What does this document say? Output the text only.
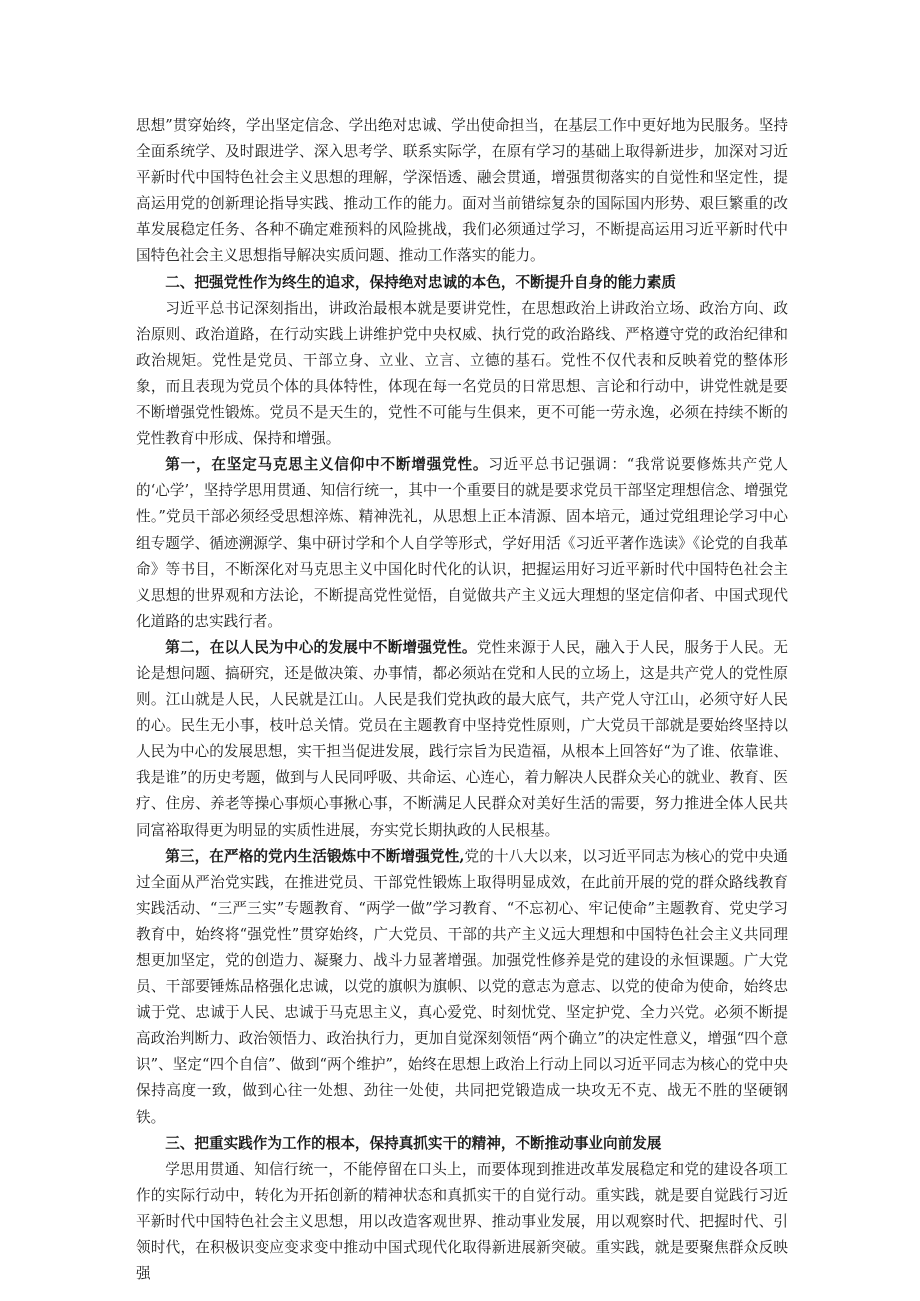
思想”贯穿始终，学出坚定信念、学出绝对忠诚、学出使命担当，在基层工作中更好地为民服务。坚持全面系统学、及时跟进学、深入思考学、联系实际学，在原有学习的基础上取得新进步，加深对习近平新时代中国特色社会主义思想的理解，学深悟透、融会贯通，增强贯彻落实的自觉性和坚定性，提高运用党的创新理论指导实践、推动工作的能力。面对当前错综复杂的国际国内形势、艰巨繁重的改革发展稳定任务、各种不确定难预料的风险挑战，我们必须通过学习，不断提高运用习近平新时代中国特色社会主义思想指导解决实质问题、推动工作落实的能力。

二、把强党性作为终生的追求，保持绝对忠诚的本色，不断提升自身的能力素质

习近平总书记深刻指出，讲政治最根本就是要讲党性，在思想政治上讲政治立场、政治方向、政治原则、政治道路，在行动实践上讲维护党中央权威、执行党的政治路线、严格遵守党的政治纪律和政治规矩。党性是党员、干部立身、立业、立言、立德的基石。党性不仅代表和反映着党的整体形象，而且表现为党员个体的具体特性，体现在每一名党员的日常思想、言论和行动中，讲党性就是要不断增强党性锻炼。党员不是天生的，党性不可能与生俱来，更不可能一劳永逸，必须在持续不断的党性教育中形成、保持和增强。

第一，在坚定马克思主义信仰中不断增强党性。习近平总书记强调：“我常说要修炼共产党人的‘心学’，坚持学思用贯通、知信行统一，其中一个重要目的就是要求党员干部坚定理想信念、增强党性。”党员干部必须经受思想淬炼、精神洗礼，从思想上正本清源、固本培元，通过党组理论学习中心组专题学、循迹溯源学、集中研讨学和个人自学等形式，学好用活《习近平著作选读》《论党的自我革命》等书目，不断深化对马克思主义中国化时代化的认识，把握运用好习近平新时代中国特色社会主义思想的世界观和方法论，不断提高党性觉悟，自觉做共产主义远大理想的坚定信仰者、中国式现代化道路的忠实践行者。

第二，在以人民为中心的发展中不断增强党性。党性来源于人民，融入于人民，服务于人民。无论是想问题、搞研究，还是做决策、办事情，都必须站在党和人民的立场上，这是共产党人的党性原则。江山就是人民，人民就是江山。人民是我们党执政的最大底气，共产党人守江山，必须守好人民的心。民生无小事，枝叶总关情。党员在主题教育中坚持党性原则，广大党员干部就是要始终坚持以人民为中心的发展思想，实干担当促进发展，践行宗旨为民造福，从根本上回答好“为了谁、依靠谁、我是谁”的历史考题，做到与人民同呼吸、共命运、心连心，着力解决人民群众关心的就业、教育、医疗、住房、养老等操心事烦心事揪心事，不断满足人民群众对美好生活的需要，努力推进全体人民共同富裕取得更为明显的实质性进展，夯实党长期执政的人民根基。

第三，在严格的党内生活锻炼中不断增强党性,党的十八大以来，以习近平同志为核心的党中央通过全面从严治党实践，在推进党员、干部党性锻炼上取得明显成效，在此前开展的党的群众路线教育实践活动、“三严三实”专题教育、“两学一做”学习教育、“不忘初心、牢记使命”主题教育、党史学习教育中，始终将“强党性”贯穿始终，广大党员、干部的共产主义远大理想和中国特色社会主义共同理想更加坚定，党的创造力、凝聚力、战斗力显著增强。加强党性修养是党的建设的永恒课题。广大党员、干部要锤炼品格强化忠诚，以党的旗帜为旗帜、以党的意志为意志、以党的使命为使命，始终忠诚于党、忠诚于人民、忠诚于马克思主义，真心爱党、时刻忧党、坚定护党、全力兴党。必须不断提高政治判断力、政治领悟力、政治执行力，更加自觉深刻领悟“两个确立”的决定性意义，增强“四个意识”、坚定“四个自信”、做到“两个维护”，始终在思想上政治上行动上同以习近平同志为核心的党中央保持高度一致，做到心往一处想、劲往一处使，共同把党锻造成一块攻无不克、战无不胜的坚硬钢铁。

三、把重实践作为工作的根本，保持真抓实干的精神，不断推动事业向前发展

学思用贯通、知信行统一，不能停留在口头上，而要体现到推进改革发展稳定和党的建设各项工作的实际行动中，转化为开拓创新的精神状态和真抓实干的自觉行动。重实践，就是要自觉践行习近平新时代中国特色社会主义思想，用以改造客观世界、推动事业发展，用以观察时代、把握时代、引领时代，在积极识变应变求变中推动中国式现代化取得新进展新突破。重实践，就是要聚焦群众反映强
